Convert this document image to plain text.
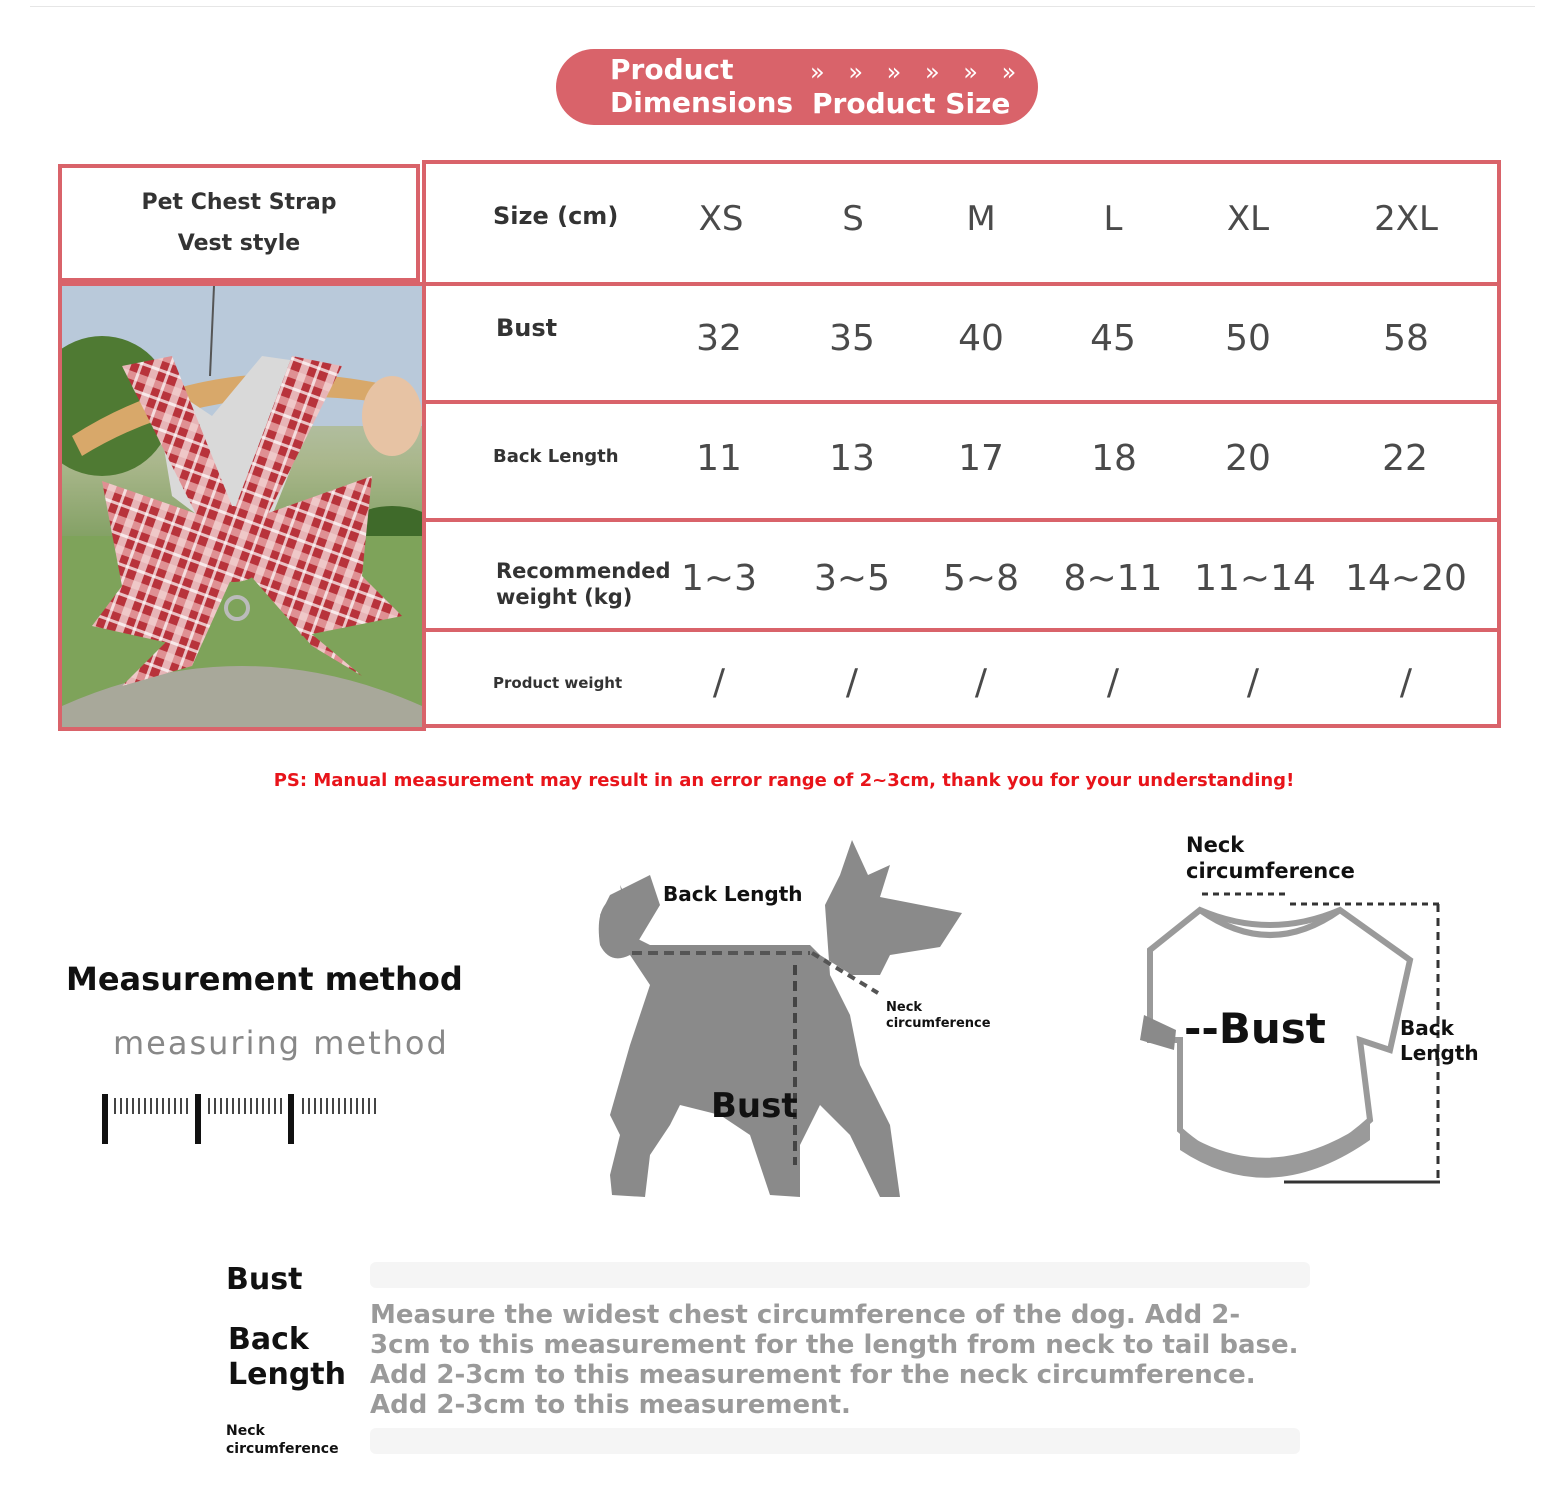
Product
Dimensions
» » » » » »
Product Size
Pet Chest Strap
Vest style
Size (cm)	XS	S	M	L	XL	2XL
Bust	32	35	40	45	50	58
Back Length	11	13	17	18	20	22
Recommended weight (kg)	1~3	3~5	5~8	8~11 11~14 14~20
Product weight	/	/	/	/	/	/
PS: Manual measurement may result in an error range of 2~3cm, thank you for your understanding!
Measurement method
measuring method
Back Length
Neck
circumference
Bust
Neck
circumference
--Bust	Back
Length
Bust
Back
Length
Neck
circumference
Measure the widest chest circumference of the dog. Add 2-3cm to this measurement for the length from neck to tail base. Add 2-3cm to this measurement for the neck circumference. Add 2-3cm to this measurement.
